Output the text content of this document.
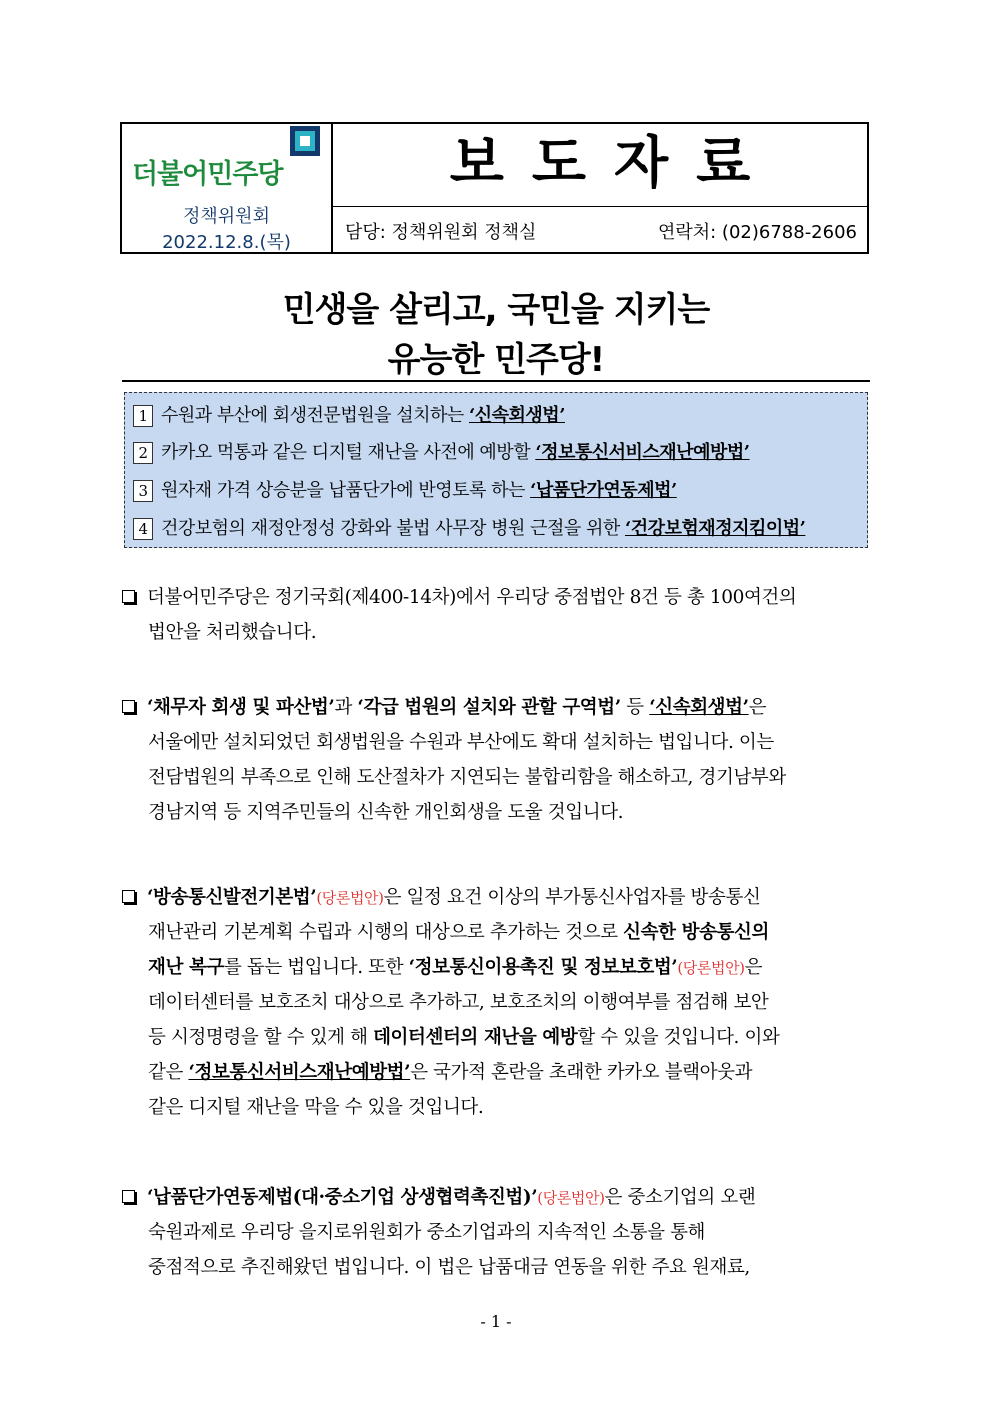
더불어민주당
정책위원회
2022.12.8.(목)
보도자료
담당: 정책위원회 정책실	연락처: (02)6788-2606
민생을 살리고, 국민을 지키는
유능한 민주당!
1 수원과 부산에 회생전문법원을 설치하는 ‘신속회생법’
2 카카오 먹통과 같은 디지털 재난을 사전에 예방할 ‘정보통신서비스재난예방법’
3 원자재 가격 상승분을 납품단가에 반영토록 하는 ‘납품단가연동제법’
4 건강보험의 재정안정성 강화와 불법 사무장 병원 근절을 위한 ‘건강보험재정지킴이법’
더불어민주당은 정기국회(제400-14차)에서 우리당 중점법안 8건 등 총 100여건의
법안을 처리했습니다.
‘채무자 회생 및 파산법’과 ‘각급 법원의 설치와 관할 구역법’ 등 ‘신속회생법’은
서울에만 설치되었던 회생법원을 수원과 부산에도 확대 설치하는 법입니다. 이는
전담법원의 부족으로 인해 도산절차가 지연되는 불합리함을 해소하고, 경기남부와
경남지역 등 지역주민들의 신속한 개인회생을 도울 것입니다.
‘방송통신발전기본법’(당론법안)은 일정 요건 이상의 부가통신사업자를 방송통신
재난관리 기본계획 수립과 시행의 대상으로 추가하는 것으로 신속한 방송통신의
재난 복구를 돕는 법입니다. 또한 ‘정보통신이용촉진 및 정보보호법’(당론법안)은
데이터센터를 보호조치 대상으로 추가하고, 보호조치의 이행여부를 점검해 보안
등 시정명령을 할 수 있게 해 데이터센터의 재난을 예방할 수 있을 것입니다. 이와
같은 ‘정보통신서비스재난예방법’은 국가적 혼란을 초래한 카카오 블랙아웃과
같은 디지털 재난을 막을 수 있을 것입니다.
‘납품단가연동제법(대·중소기업 상생협력촉진법)’(당론법안)은 중소기업의 오랜
숙원과제로 우리당 을지로위원회가 중소기업과의 지속적인 소통을 통해
중점적으로 추진해왔던 법입니다. 이 법은 납품대금 연동을 위한 주요 원재료,
- 1 -
